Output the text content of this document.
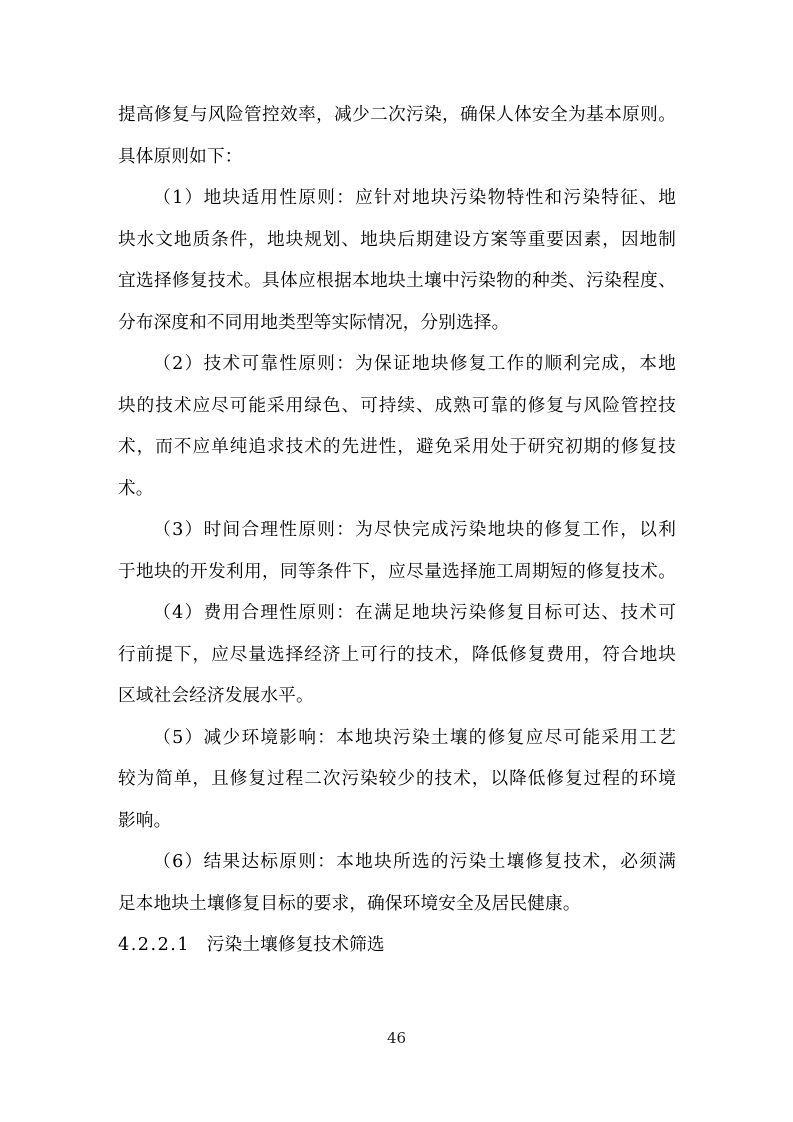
提高修复与风险管控效率，减少二次污染，确保人体安全为基本原则。
具体原则如下：
（1）地块适用性原则：应针对地块污染物特性和污染特征、地
块水文地质条件，地块规划、地块后期建设方案等重要因素，因地制
宜选择修复技术。具体应根据本地块土壤中污染物的种类、污染程度、
分布深度和不同用地类型等实际情况，分别选择。
（2）技术可靠性原则：为保证地块修复工作的顺利完成，本地
块的技术应尽可能采用绿色、可持续、成熟可靠的修复与风险管控技
术，而不应单纯追求技术的先进性，避免采用处于研究初期的修复技
术。
（3）时间合理性原则：为尽快完成污染地块的修复工作，以利
于地块的开发利用，同等条件下，应尽量选择施工周期短的修复技术。
（4）费用合理性原则：在满足地块污染修复目标可达、技术可
行前提下，应尽量选择经济上可行的技术，降低修复费用，符合地块
区域社会经济发展水平。
（5）减少环境影响：本地块污染土壤的修复应尽可能采用工艺
较为简单，且修复过程二次污染较少的技术，以降低修复过程的环境
影响。
（6）结果达标原则：本地块所选的污染土壤修复技术，必须满
足本地块土壤修复目标的要求，确保环境安全及居民健康。
4.2.2.1 污染土壤修复技术筛选
46
